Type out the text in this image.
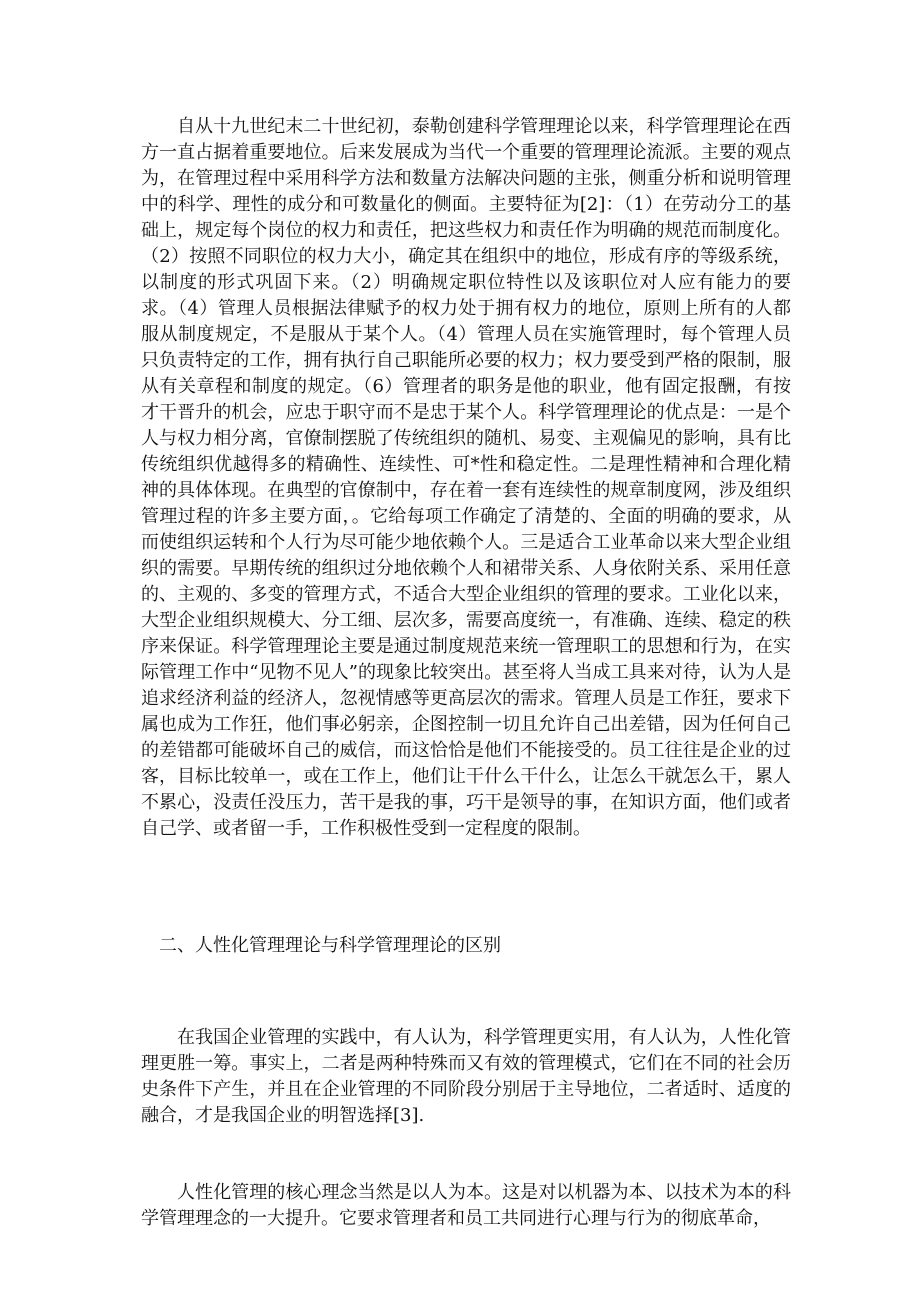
自从十九世纪末二十世纪初，泰勒创建科学管理理论以来，科学管理理论在西方一直占据着重要地位。后来发展成为当代一个重要的管理理论流派。主要的观点为，在管理过程中采用科学方法和数量方法解决问题的主张，侧重分析和说明管理中的科学、理性的成分和可数量化的侧面。主要特征为[2]：（1）在劳动分工的基础上，规定每个岗位的权力和责任，把这些权力和责任作为明确的规范而制度化。（2）按照不同职位的权力大小，确定其在组织中的地位，形成有序的等级系统，以制度的形式巩固下来。（2）明确规定职位特性以及该职位对人应有能力的要求。（4）管理人员根据法律赋予的权力处于拥有权力的地位，原则上所有的人都服从制度规定，不是服从于某个人。（4）管理人员在实施管理时，每个管理人员只负责特定的工作，拥有执行自己职能所必要的权力；权力要受到严格的限制，服从有关章程和制度的规定。（6）管理者的职务是他的职业，他有固定报酬，有按才干晋升的机会，应忠于职守而不是忠于某个人。科学管理理论的优点是：一是个人与权力相分离，官僚制摆脱了传统组织的随机、易变、主观偏见的影响，具有比传统组织优越得多的精确性、连续性、可*性和稳定性。二是理性精神和合理化精神的具体体现。在典型的官僚制中，存在着一套有连续性的规章制度网，涉及组织管理过程的许多主要方面，。它给每项工作确定了清楚的、全面的明确的要求，从而使组织运转和个人行为尽可能少地依赖个人。三是适合工业革命以来大型企业组织的需要。早期传统的组织过分地依赖个人和裙带关系、人身依附关系、采用任意的、主观的、多变的管理方式，不适合大型企业组织的管理的要求。工业化以来，大型企业组织规模大、分工细、层次多，需要高度统一，有准确、连续、稳定的秩序来保证。科学管理理论主要是通过制度规范来统一管理职工的思想和行为，在实际管理工作中“见物不见人”的现象比较突出。甚至将人当成工具来对待，认为人是追求经济利益的经济人，忽视情感等更高层次的需求。管理人员是工作狂，要求下属也成为工作狂，他们事必躬亲，企图控制一切且允许自己出差错，因为任何自己的差错都可能破坏自己的威信，而这恰恰是他们不能接受的。员工往往是企业的过客，目标比较单一，或在工作上，他们让干什么干什么，让怎么干就怎么干，累人不累心，没责任没压力，苦干是我的事，巧干是领导的事，在知识方面，他们或者自己学、或者留一手，工作积极性受到一定程度的限制。

二、人性化管理理论与科学管理理论的区别

在我国企业管理的实践中，有人认为，科学管理更实用，有人认为，人性化管理更胜一筹。事实上，二者是两种特殊而又有效的管理模式，它们在不同的社会历史条件下产生，并且在企业管理的不同阶段分别居于主导地位，二者适时、适度的融合，才是我国企业的明智选择[3].

人性化管理的核心理念当然是以人为本。这是对以机器为本、以技术为本的科学管理理念的一大提升。它要求管理者和员工共同进行心理与行为的彻底革命，
